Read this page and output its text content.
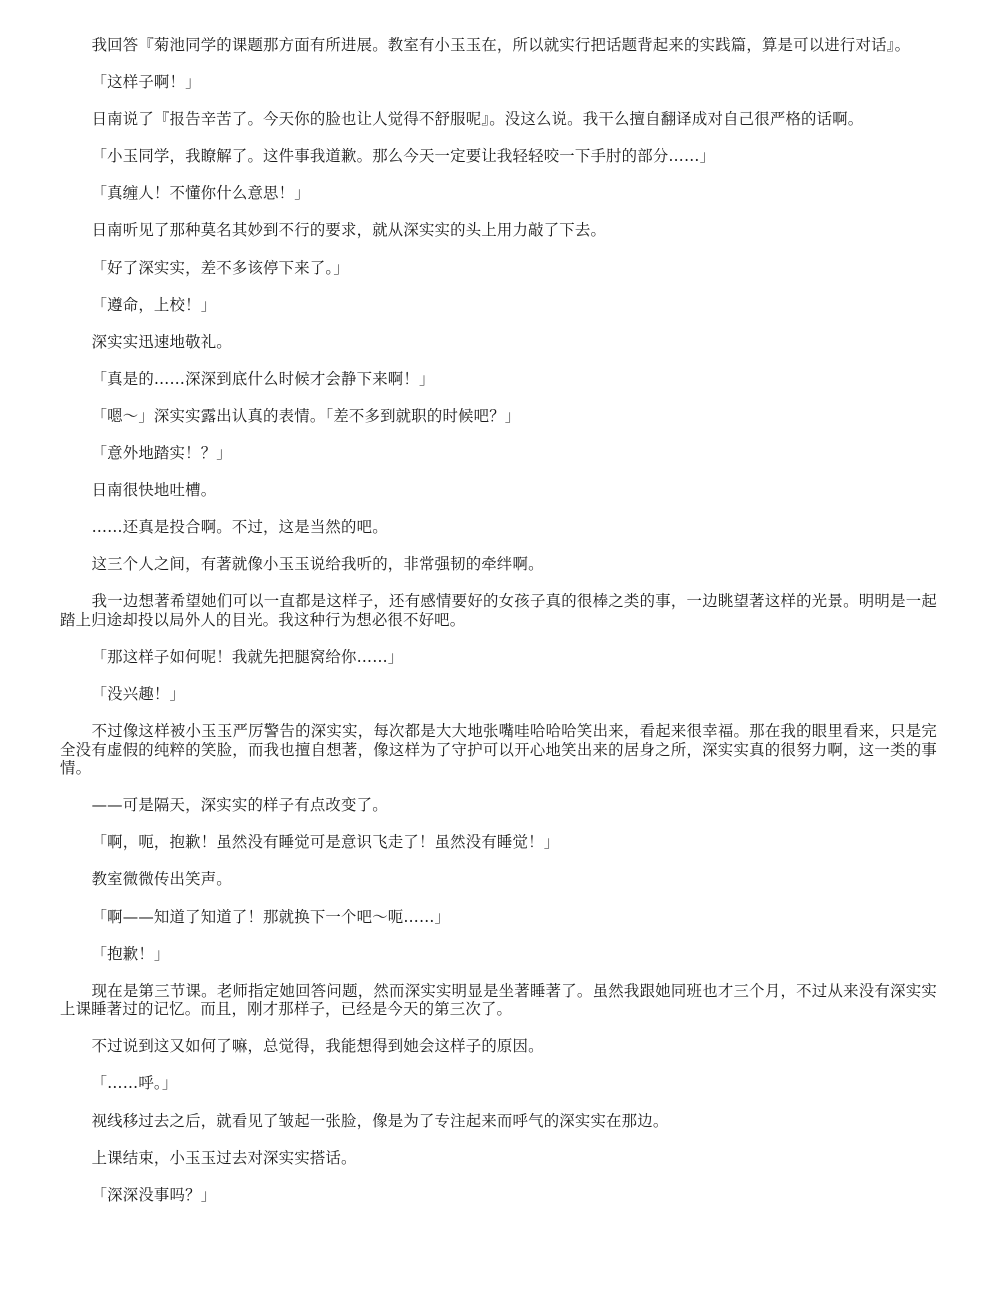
我回答『菊池同学的课题那方面有所进展。教室有小玉玉在，所以就实行把话题背起来的实践篇，算是可以进行对话』。

「这样子啊！」

日南说了『报告辛苦了。今天你的脸也让人觉得不舒服呢』。没这么说。我干么擅自翻译成对自己很严格的话啊。

「小玉同学，我瞭解了。这件事我道歉。那么今天一定要让我轻轻咬一下手肘的部分……」

「真缠人！不懂你什么意思！」

日南听见了那种莫名其妙到不行的要求，就从深实实的头上用力敲了下去。

「好了深实实，差不多该停下来了。」

「遵命，上校！」

深实实迅速地敬礼。

「真是的……深深到底什么时候才会静下来啊！」

「嗯～」深实实露出认真的表情。「差不多到就职的时候吧？」

「意外地踏实！？」

日南很快地吐槽。

……还真是投合啊。不过，这是当然的吧。

这三个人之间，有著就像小玉玉说给我听的，非常强韧的牵绊啊。

我一边想著希望她们可以一直都是这样子，还有感情要好的女孩子真的很棒之类的事，一边眺望著这样的光景。明明是一起踏上归途却投以局外人的目光。我这种行为想必很不好吧。

「那这样子如何呢！我就先把腿窝给你……」

「没兴趣！」

不过像这样被小玉玉严厉警告的深实实，每次都是大大地张嘴哇哈哈哈笑出来，看起来很幸福。那在我的眼里看来，只是完全没有虚假的纯粹的笑脸，而我也擅自想著，像这样为了守护可以开心地笑出来的居身之所，深实实真的很努力啊，这一类的事情。

——可是隔天，深实实的样子有点改变了。

「啊，呃，抱歉！虽然没有睡觉可是意识飞走了！虽然没有睡觉！」

教室微微传出笑声。

「啊——知道了知道了！那就换下一个吧～呃……」

「抱歉！」

现在是第三节课。老师指定她回答问题，然而深实实明显是坐著睡著了。虽然我跟她同班也才三个月，不过从来没有深实实上课睡著过的记忆。而且，刚才那样子，已经是今天的第三次了。

不过说到这又如何了嘛，总觉得，我能想得到她会这样子的原因。

「……呼。」

视线移过去之后，就看见了皱起一张脸，像是为了专注起来而呼气的深实实在那边。

上课结束，小玉玉过去对深实实搭话。

「深深没事吗？」
